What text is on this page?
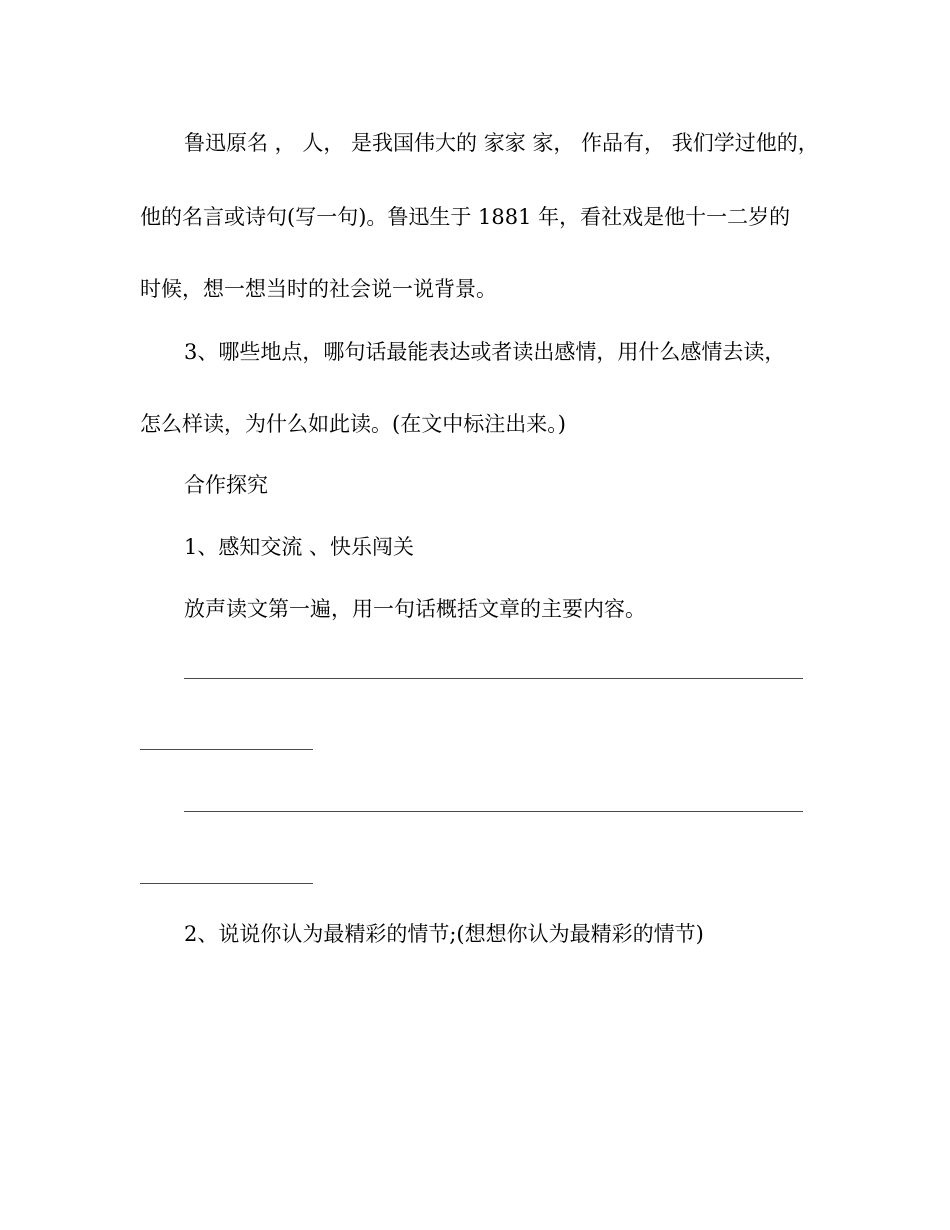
鲁迅原名 ， 人， 是我国伟大的 家家 家， 作品有， 我们学过他的，
他的名言或诗句(写一句)。鲁迅生于 1881 年，看社戏是他十一二岁的
时候，想一想当时的社会说一说背景。
3、哪些地点，哪句话最能表达或者读出感情，用什么感情去读，
怎么样读，为什么如此读。(在文中标注出来。)
合作探究
1、感知交流 、快乐闯关
放声读文第一遍，用一句话概括文章的主要内容。
2、说说你认为最精彩的情节;(想想你认为最精彩的情节)
